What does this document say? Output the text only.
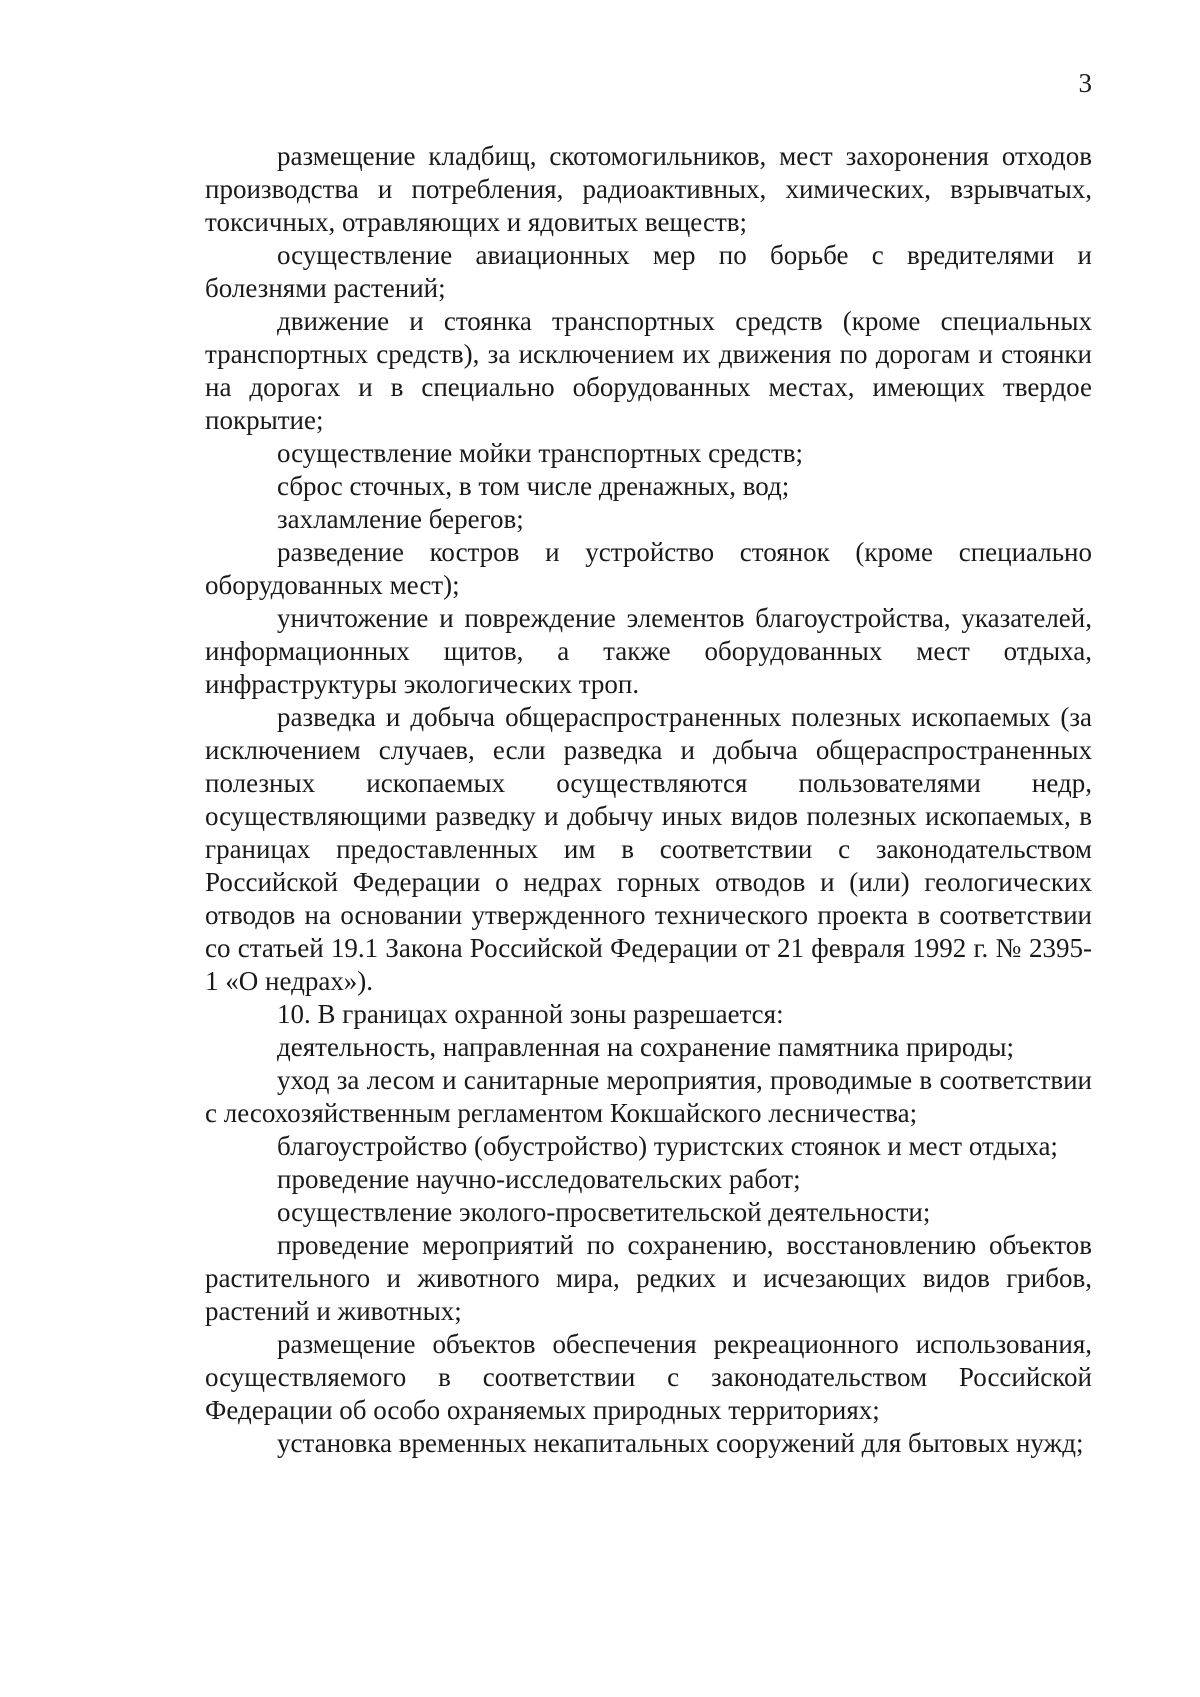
3

размещение кладбищ, скотомогильников, мест захоронения отходов производства и потребления, радиоактивных, химических, взрывчатых, токсичных, отравляющих и ядовитых веществ;

осуществление авиационных мер по борьбе с вредителями и болезнями растений;

движение и стоянка транспортных средств (кроме специальных транспортных средств), за исключением их движения по дорогам и стоянки на дорогах и в специально оборудованных местах, имеющих твердое покрытие;

осуществление мойки транспортных средств;

сброс сточных, в том числе дренажных, вод;

захламление берегов;

разведение костров и устройство стоянок (кроме специально оборудованных мест);

уничтожение и повреждение элементов благоустройства, указателей, информационных щитов, а также оборудованных мест отдыха, инфраструктуры экологических троп.

разведка и добыча общераспространенных полезных ископаемых (за исключением случаев, если разведка и добыча общераспространенных полезных ископаемых осуществляются пользователями недр, осуществляющими разведку и добычу иных видов полезных ископаемых, в границах предоставленных им в соответствии с законодательством Российской Федерации о недрах горных отводов и (или) геологических отводов на основании утвержденного технического проекта в соответствии со статьей 19.1 Закона Российской Федерации от 21 февраля 1992 г. № 2395-1 «О недрах»).

10. В границах охранной зоны разрешается:

деятельность, направленная на сохранение памятника природы;

уход за лесом и санитарные мероприятия, проводимые в соответствии с лесохозяйственным регламентом Кокшайского лесничества;

благоустройство (обустройство) туристских стоянок и мест отдыха;

проведение научно-исследовательских работ;

осуществление эколого-просветительской деятельности;

проведение мероприятий по сохранению, восстановлению объектов растительного и животного мира, редких и исчезающих видов грибов, растений и животных;

размещение объектов обеспечения рекреационного использования, осуществляемого в соответствии с законодательством Российской Федерации об особо охраняемых природных территориях;

установка временных некапитальных сооружений для бытовых нужд;
